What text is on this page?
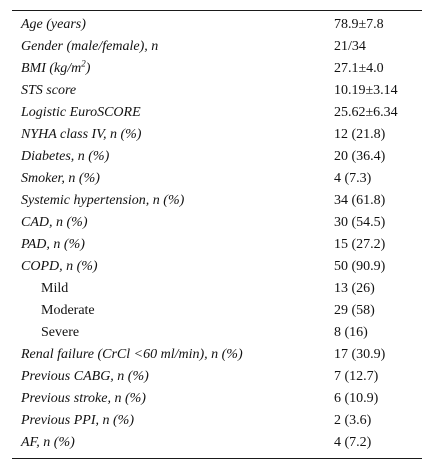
Age (years)	78.9±7.8
Gender (male/female), n	21/34
BMI $(kg/m^2)$	27.1±4.0
STS score	10.19±3.14
Logistic EuroSCORE	25.62±6.34
NYHA class IV, n (%)	12 (21.8)
Diabetes, n (%)	20 (36.4)
Smoker, n (%)	4 (7.3)
Systemic hypertension, n (%)	34 (61.8)
CAD, n (%)	30 (54.5)
PAD, n (%)	15 (27.2)
COPD, n (%)	50 (90.9)
Mild	13 (26)
Moderate	29 (58)
Severe	8 (16)
Renal failure (CrCl <60 ml/min), n (%)	17 (30.9)
Previous CABG, n (%)	7 (12.7)
Previous stroke, n (%)	6 (10.9)
Previous PPI, n (%)	2 (3.6)
AF, n (%)	4 (7.2)
